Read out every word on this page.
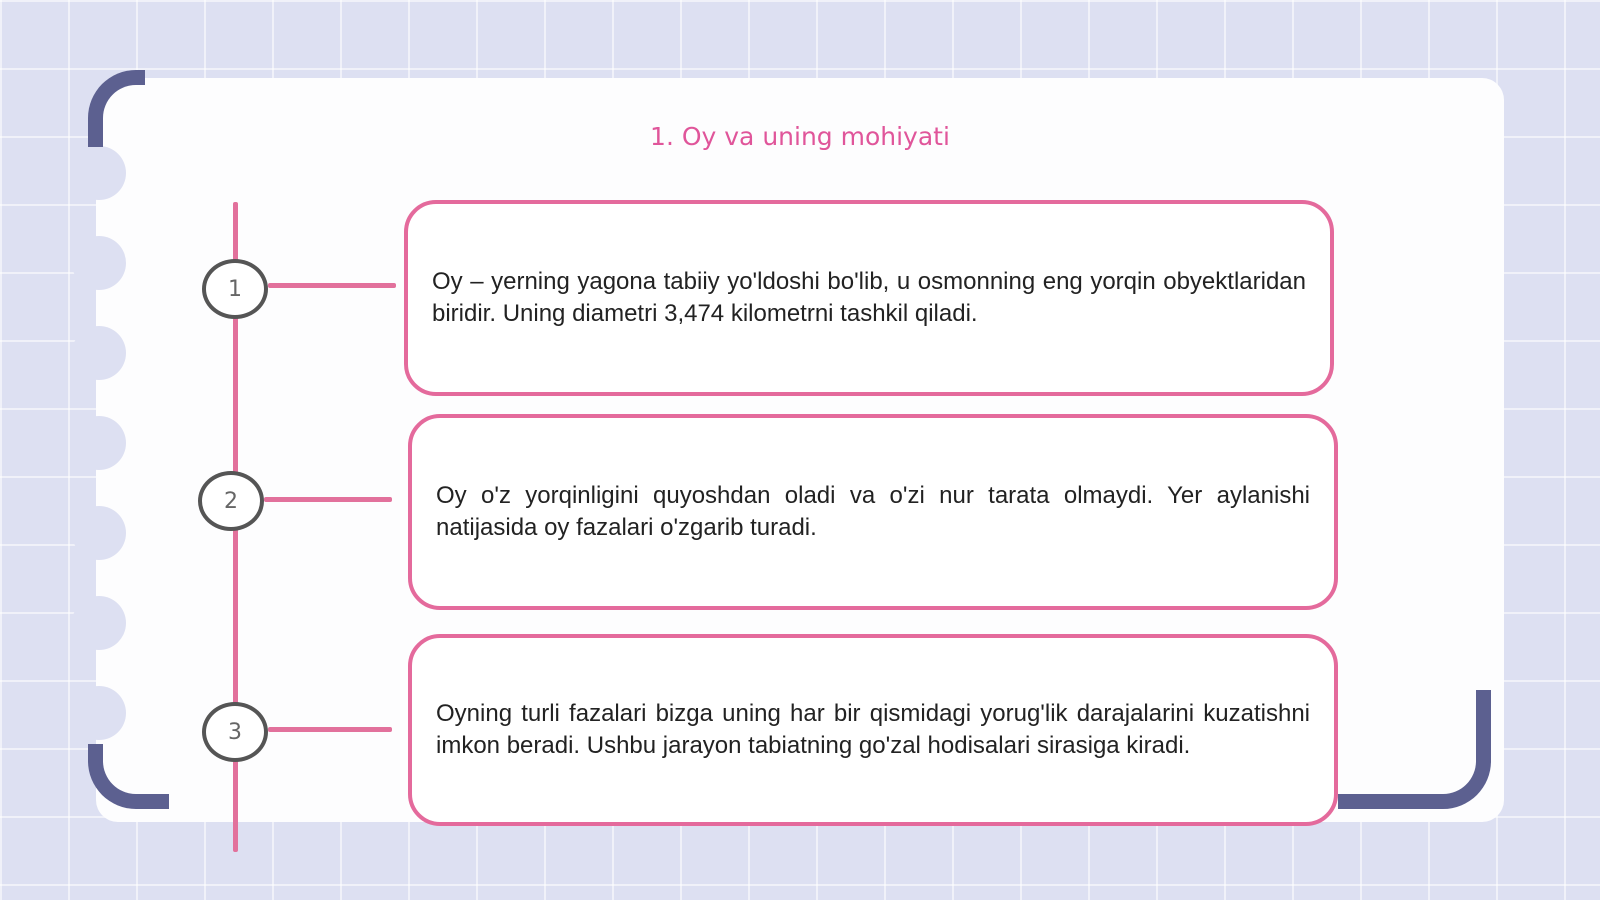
1. Oy va uning mohiyati
1	Oy – yerning yagona tabiiy yo'ldoshi bo'lib, u osmonning eng yorqin obyektlaridan biridir. Uning diametri 3,474 kilometrni tashkil qiladi.

2	Oy o'z yorqinligini quyoshdan oladi va o'zi nur tarata olmaydi. Yer aylanishi natijasida oy fazalari o'zgarib turadi.

3

Oyning turli fazalari bizga uning har bir qismidagi yorug'lik darajalarini kuzatishni imkon beradi. Ushbu jarayon tabiatning go'zal hodisalari sirasiga kiradi.
